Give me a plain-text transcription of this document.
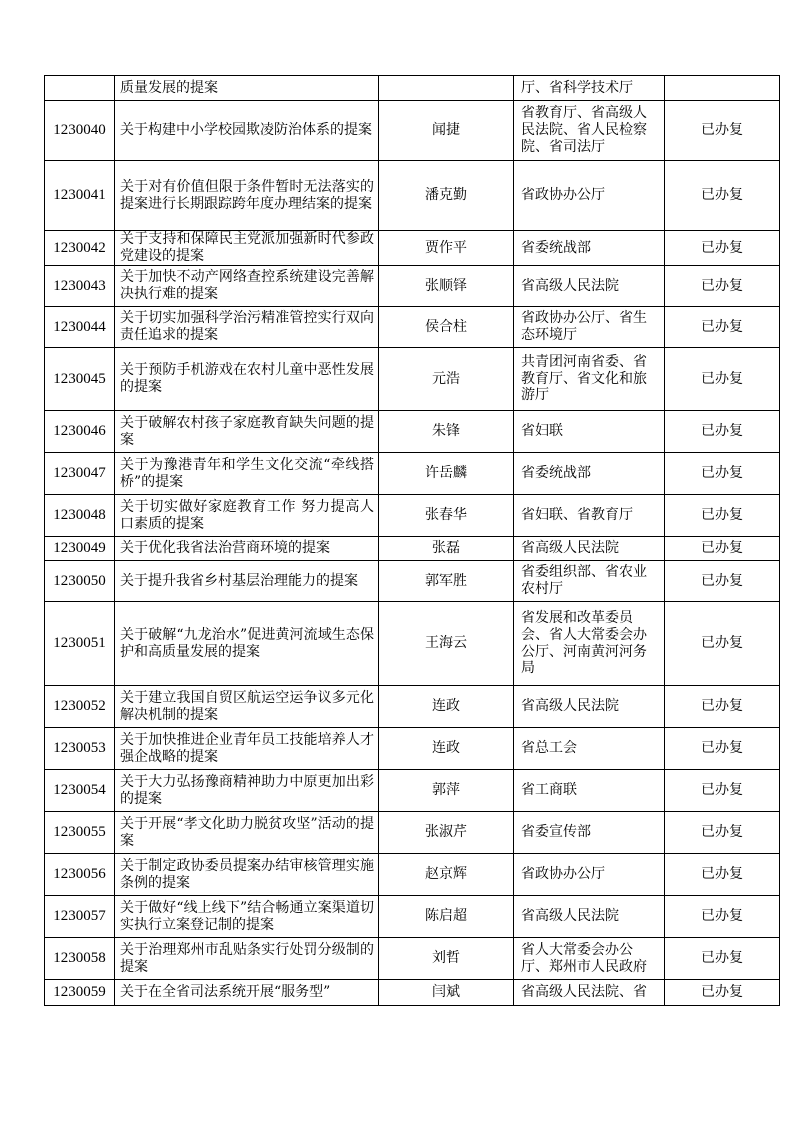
	质量发展的提案		厅、省科学技术厅	
1230040	关于构建中小学校园欺凌防治体系的提案	闻捷	省教育厅、省高级人民法院、省人民检察院、省司法厅	已办复
1230041	关于对有价值但限于条件暂时无法落实的提案进行长期跟踪跨年度办理结案的提案	潘克勤	省政协办公厅	已办复
1230042	关于支持和保障民主党派加强新时代参政党建设的提案	贾作平	省委统战部	已办复
1230043	关于加快不动产网络查控系统建设完善解决执行难的提案	张顺铎	省高级人民法院	已办复
1230044	关于切实加强科学治污精准管控实行双向责任追求的提案	侯合柱	省政协办公厅、省生态环境厅	已办复
1230045	关于预防手机游戏在农村儿童中恶性发展的提案	元浩	共青团河南省委、省教育厅、省文化和旅游厅	已办复
1230046	关于破解农村孩子家庭教育缺失问题的提案	朱锋	省妇联	已办复
1230047	关于为豫港青年和学生文化交流“牵线搭桥”的提案	许岳麟	省委统战部	已办复
1230048	关于切实做好家庭教育工作 努力提高人口素质的提案	张春华	省妇联、省教育厅	已办复
1230049	关于优化我省法治营商环境的提案	张磊	省高级人民法院	已办复
1230050	关于提升我省乡村基层治理能力的提案	郭军胜	省委组织部、省农业农村厅	已办复
1230051	关于破解“九龙治水”促进黄河流域生态保护和高质量发展的提案	王海云	省发展和改革委员会、省人大常委会办公厅、河南黄河河务局	已办复
1230052	关于建立我国自贸区航运空运争议多元化解决机制的提案	连政	省高级人民法院	已办复
1230053	关于加快推进企业青年员工技能培养人才强企战略的提案	连政	省总工会	已办复
1230054	关于大力弘扬豫商精神助力中原更加出彩的提案	郭萍	省工商联	已办复
1230055	关于开展“孝文化助力脱贫攻坚”活动的提案	张淑芹	省委宣传部	已办复
1230056	关于制定政协委员提案办结审核管理实施条例的提案	赵京辉	省政协办公厅	已办复
1230057	关于做好“线上线下”结合畅通立案渠道切实执行立案登记制的提案	陈启超	省高级人民法院	已办复
1230058	关于治理郑州市乱贴条实行处罚分级制的提案	刘哲	省人大常委会办公厅、郑州市人民政府	已办复
1230059	关于在全省司法系统开展“服务型”	闫斌	省高级人民法院、省	已办复
